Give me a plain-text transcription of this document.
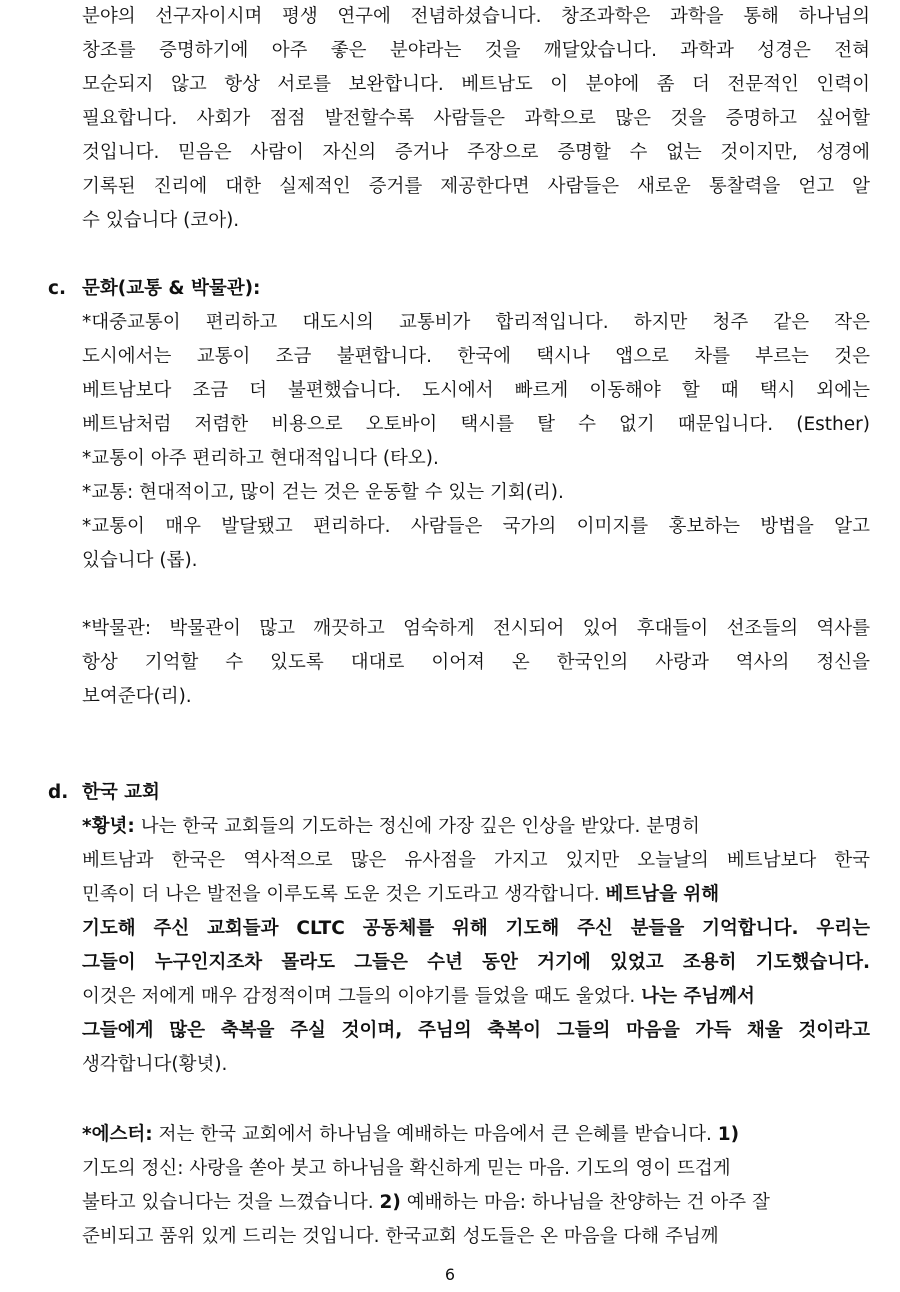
분야의 선구자이시며 평생 연구에 전념하셨습니다. 창조과학은 과학을 통해 하나님의
창조를 증명하기에 아주 좋은 분야라는 것을 깨달았습니다. 과학과 성경은 전혀
모순되지 않고 항상 서로를 보완합니다. 베트남도 이 분야에 좀 더 전문적인 인력이
필요합니다. 사회가 점점 발전할수록 사람들은 과학으로 많은 것을 증명하고 싶어할
것입니다. 믿음은 사람이 자신의 증거나 주장으로 증명할 수 없는 것이지만, 성경에
기록된 진리에 대한 실제적인 증거를 제공한다면 사람들은 새로운 통찰력을 얻고 알
수 있습니다 (코아).
c. 문화(교통 & 박물관):
*대중교통이 편리하고 대도시의 교통비가 합리적입니다. 하지만 청주 같은 작은
도시에서는 교통이 조금 불편합니다. 한국에 택시나 앱으로 차를 부르는 것은
베트남보다 조금 더 불편했습니다. 도시에서 빠르게 이동해야 할 때 택시 외에는
베트남처럼 저렴한 비용으로 오토바이 택시를 탈 수 없기 때문입니다. (Esther)
*교통이 아주 편리하고 현대적입니다 (타오).
*교통: 현대적이고, 많이 걷는 것은 운동할 수 있는 기회(리).
*교통이 매우 발달됐고 편리하다. 사람들은 국가의 이미지를 홍보하는 방법을 알고
있습니다 (롭).
*박물관: 박물관이 많고 깨끗하고 엄숙하게 전시되어 있어 후대들이 선조들의 역사를
항상 기억할 수 있도록 대대로 이어져 온 한국인의 사랑과 역사의 정신을
보여준다(리).
d. 한국 교회
*황녓: 나는 한국 교회들의 기도하는 정신에 가장 깊은 인상을 받았다. 분명히
베트남과 한국은 역사적으로 많은 유사점을 가지고 있지만 오늘날의 베트남보다 한국
민족이 더 나은 발전을 이루도록 도운 것은 기도라고 생각합니다. 베트남을 위해
기도해 주신 교회들과 CLTC 공동체를 위해 기도해 주신 분들을 기억합니다. 우리는
그들이 누구인지조차 몰라도 그들은 수년 동안 거기에 있었고 조용히 기도했습니다.
이것은 저에게 매우 감정적이며 그들의 이야기를 들었을 때도 울었다. 나는 주님께서
그들에게 많은 축복을 주실 것이며, 주님의 축복이 그들의 마음을 가득 채울 것이라고
생각합니다(황녓).
*에스터: 저는 한국 교회에서 하나님을 예배하는 마음에서 큰 은혜를 받습니다. 1)
기도의 정신: 사랑을 쏟아 붓고 하나님을 확신하게 믿는 마음. 기도의 영이 뜨겁게
불타고 있습니다는 것을 느꼈습니다. 2) 예배하는 마음: 하나님을 찬양하는 건 아주 잘
준비되고 품위 있게 드리는 것입니다. 한국교회 성도들은 온 마음을 다해 주님께
6
